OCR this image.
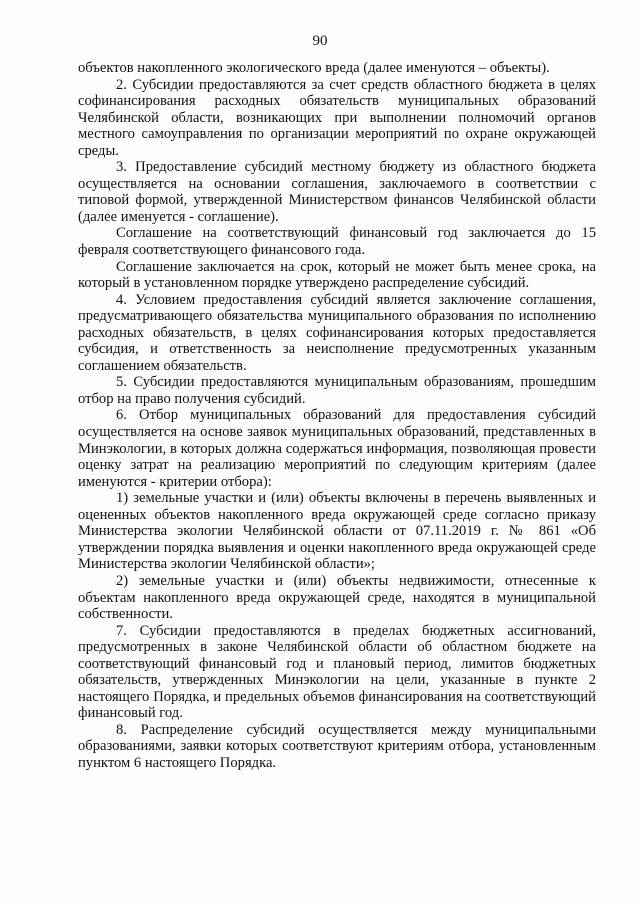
· · ·
90

объектов накопленного экологического вреда (далее именуются – объекты).

2. Субсидии предоставляются за счет средств областного бюджета в целях софинансирования расходных обязательств муниципальных образований Челябинской области, возникающих при выполнении полномочий органов местного самоуправления по организации мероприятий по охране окружающей среды.

3. Предоставление субсидий местному бюджету из областного бюджета осуществляется на основании соглашения, заключаемого в соответствии с типовой формой, утвержденной Министерством финансов Челябинской области (далее именуется - соглашение).

Соглашение на соответствующий финансовый год заключается до 15 февраля соответствующего финансового года.

Соглашение заключается на срок, который не может быть менее срока, на который в установленном порядке утверждено распределение субсидий.

4. Условием предоставления субсидий является заключение соглашения, предусматривающего обязательства муниципального образования по исполнению расходных обязательств, в целях софинансирования которых предоставляется субсидия, и ответственность за неисполнение предусмотренных указанным соглашением обязательств.

5. Субсидии предоставляются муниципальным образованиям, прошедшим отбор на право получения субсидий.

6. Отбор муниципальных образований для предоставления субсидий осуществляется на основе заявок муниципальных образований, представленных в Минэкологии, в которых должна содержаться информация, позволяющая провести оценку затрат на реализацию мероприятий по следующим критериям (далее именуются - критерии отбора):

1) земельные участки и (или) объекты включены в перечень выявленных и оцененных объектов накопленного вреда окружающей среде согласно приказу Министерства экологии Челябинской области от 07.11.2019 г. № 861 «Об утверждении порядка выявления и оценки накопленного вреда окружающей среде Министерства экологии Челябинской области»;

2) земельные участки и (или) объекты недвижимости, отнесенные к объектам накопленного вреда окружающей среде, находятся в муниципальной собственности.

7. Субсидии предоставляются в пределах бюджетных ассигнований, предусмотренных в законе Челябинской области об областном бюджете на соответствующий финансовый год и плановый период, лимитов бюджетных обязательств, утвержденных Минэкологии на цели, указанные в пункте 2 настоящего Порядка, и предельных объемов финансирования на соответствующий финансовый год.

8. Распределение субсидий осуществляется между муниципальными образованиями, заявки которых соответствуют критериям отбора, установленным пунктом 6 настоящего Порядка.
